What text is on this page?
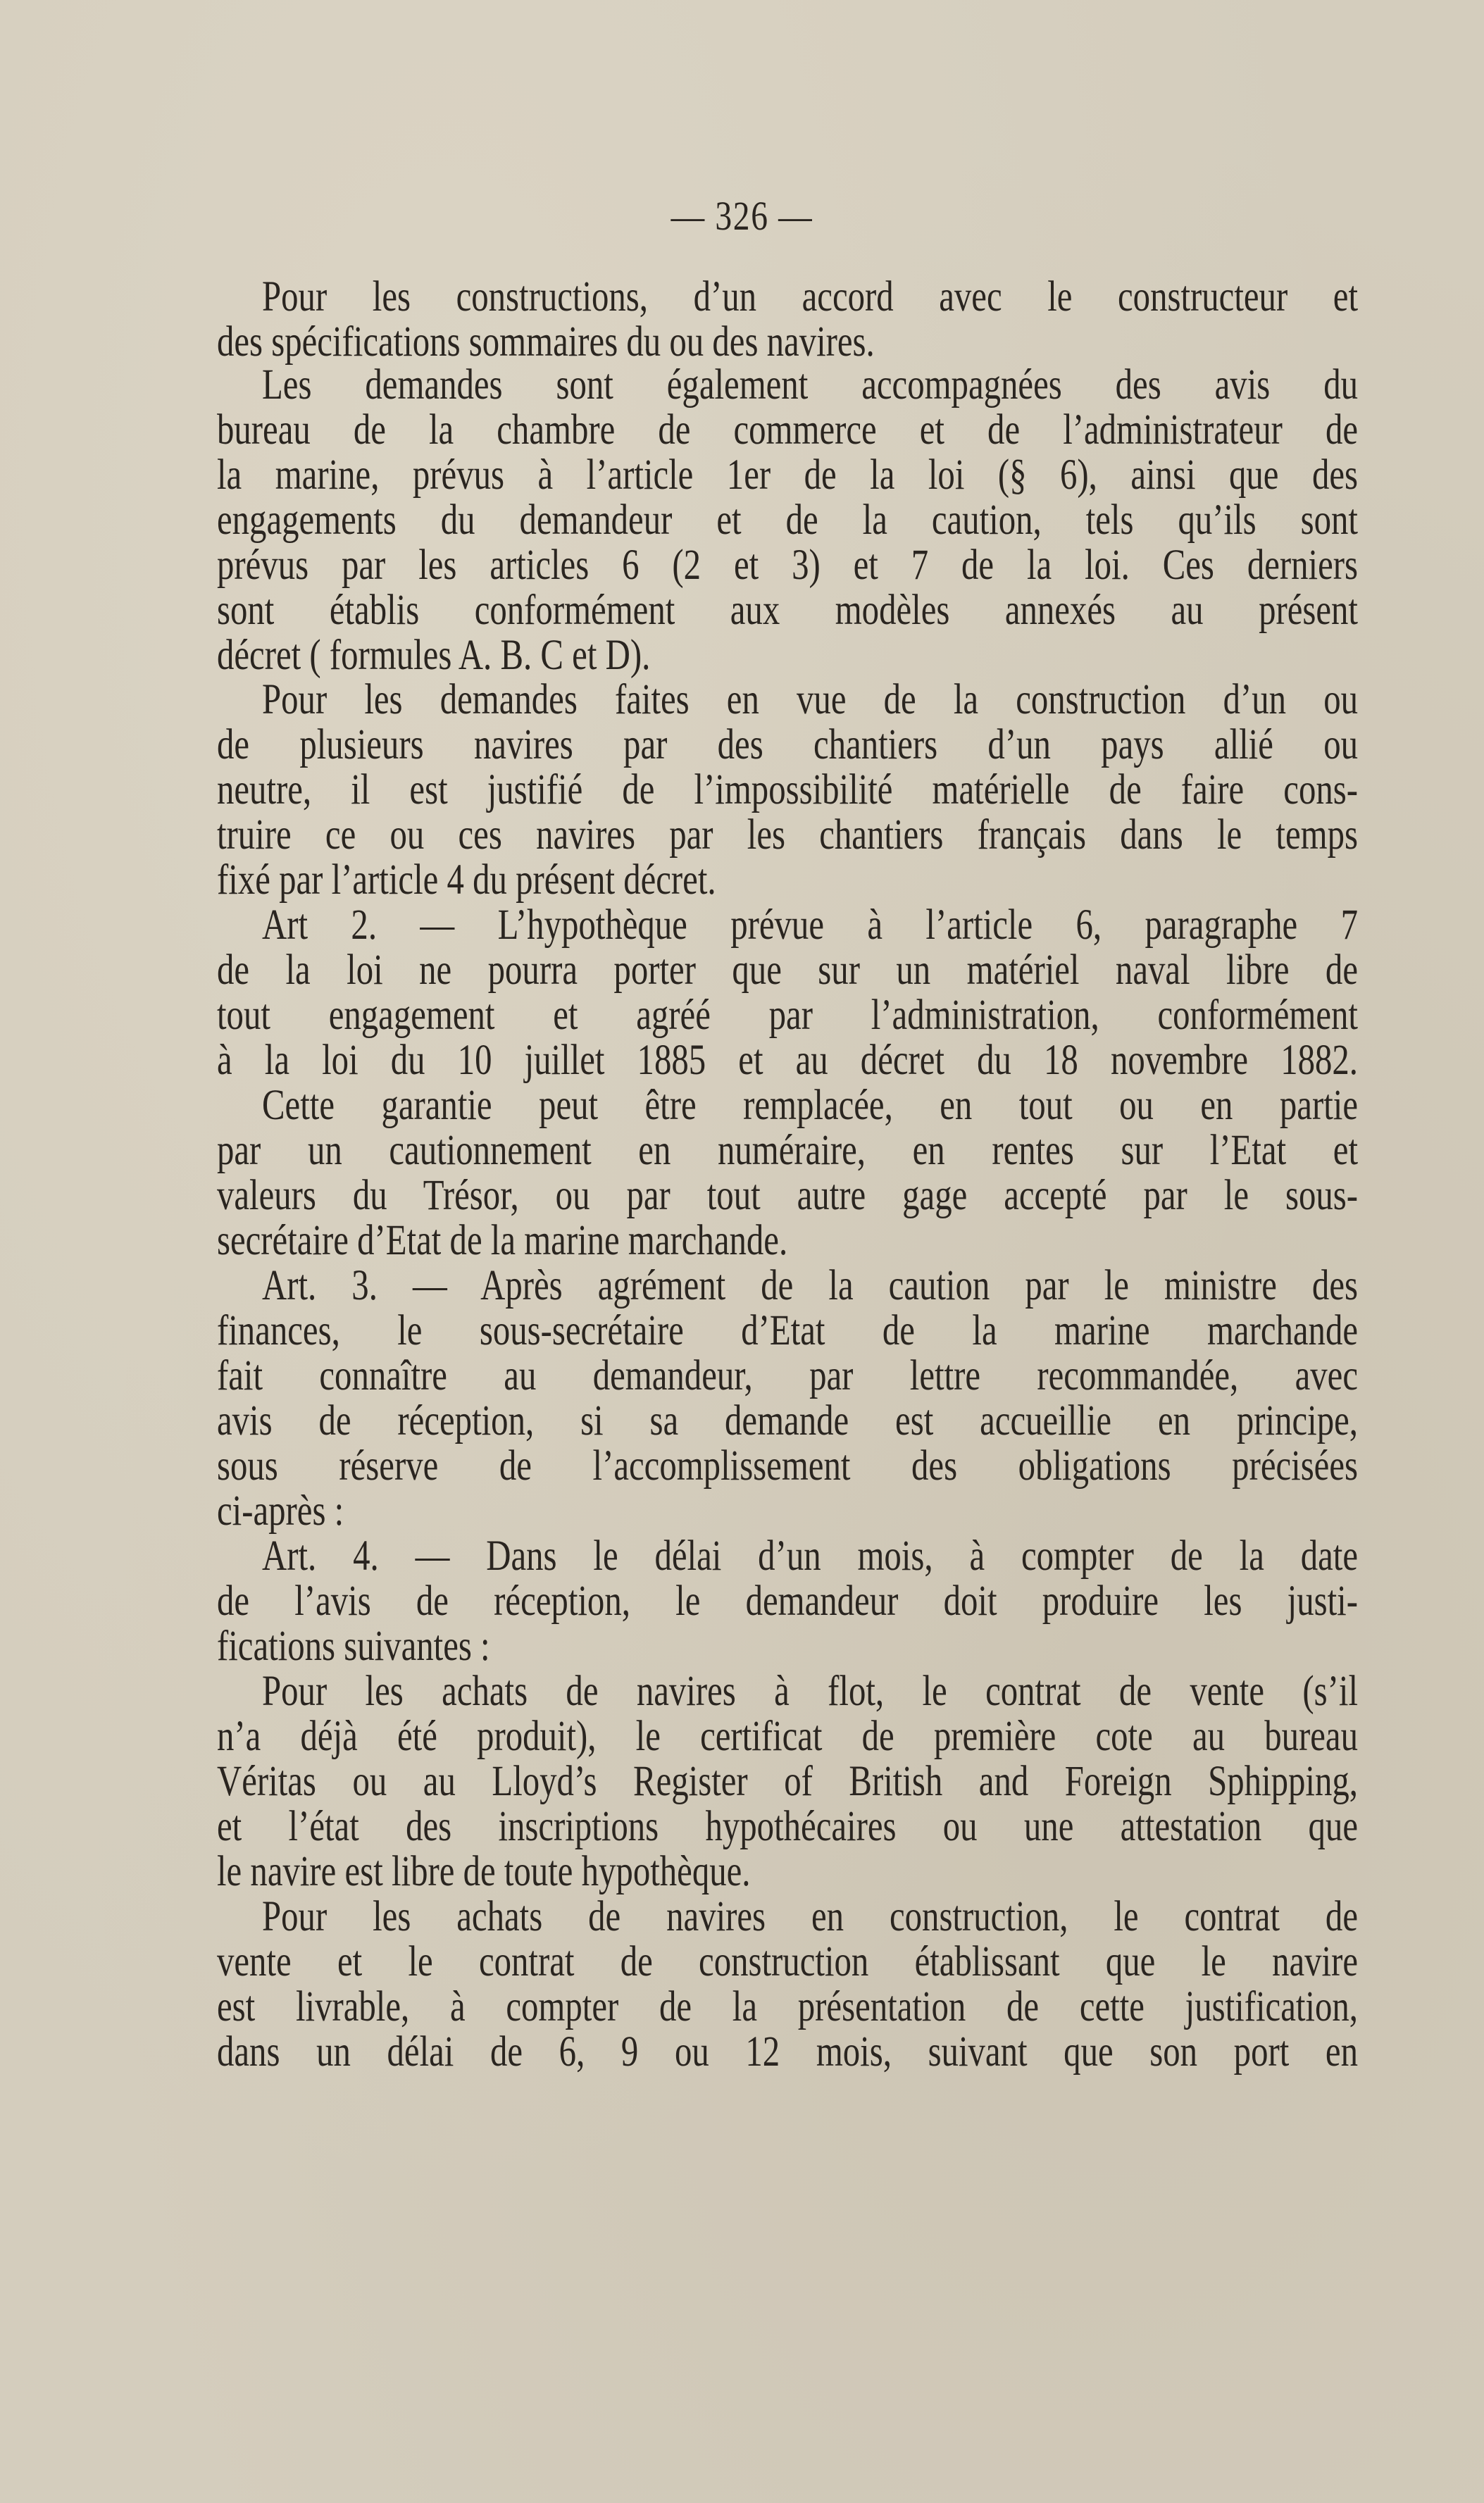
— 326 —
Pour les constructions, d’un accord avec le constructeur et
des spécifications sommaires du ou des navires.
Les demandes sont également accompagnées des avis du
bureau de la chambre de commerce et de l’administrateur de
la marine, prévus à l’article 1er de la loi (§ 6), ainsi que des
engagements du demandeur et de la caution, tels qu’ils sont
prévus par les articles 6 (2 et 3) et 7 de la loi. Ces derniers
sont établis conformément aux modèles annexés au présent
décret ( formules A. B. C et D).
Pour les demandes faites en vue de la construction d’un ou
de plusieurs navires par des chantiers d’un pays allié ou
neutre, il est justifié de l’impossibilité matérielle de faire cons-
truire ce ou ces navires par les chantiers français dans le temps
fixé par l’article 4 du présent décret.
Art 2. — L’hypothèque prévue à l’article 6, paragraphe 7
de la loi ne pourra porter que sur un matériel naval libre de
tout engagement et agréé par l’administration, conformément
à la loi du 10 juillet 1885 et au décret du 18 novembre 1882.
Cette garantie peut être remplacée, en tout ou en partie
par un cautionnement en numéraire, en rentes sur l’Etat et
valeurs du Trésor, ou par tout autre gage accepté par le sous-
secrétaire d’Etat de la marine marchande.
Art. 3. — Après agrément de la caution par le ministre des
finances, le sous-secrétaire d’Etat de la marine marchande
fait connaître au demandeur, par lettre recommandée, avec
avis de réception, si sa demande est accueillie en principe,
sous réserve de l’accomplissement des obligations précisées
ci-après :
Art. 4. — Dans le délai d’un mois, à compter de la date
de l’avis de réception, le demandeur doit produire les justi-
fications suivantes :
Pour les achats de navires à flot, le contrat de vente (s’il
n’a déjà été produit), le certificat de première cote au bureau
Véritas ou au Lloyd’s Register of British and Foreign Sphipping,
et l’état des inscriptions hypothécaires ou une attestation que
le navire est libre de toute hypothèque.
Pour les achats de navires en construction, le contrat de
vente et le contrat de construction établissant que le navire
est livrable, à compter de la présentation de cette justification,
dans un délai de 6, 9 ou 12 mois, suivant que son port en
